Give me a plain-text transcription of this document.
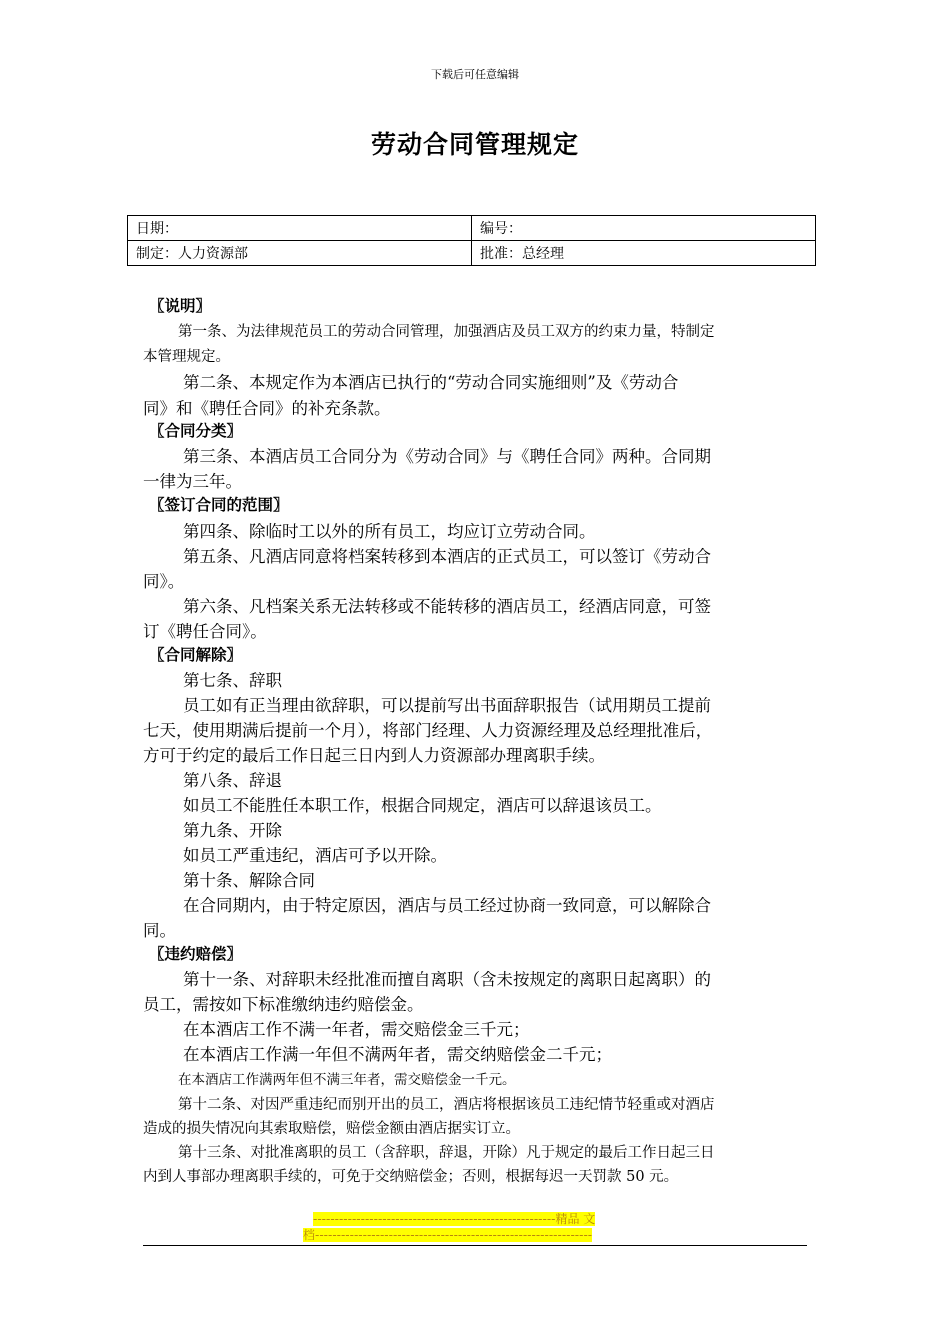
下载后可任意编辑
劳动合同管理规定
日期：	编号：
制定：人力资源部	批准：总经理
〖说明〗
第一条、为法律规范员工的劳动合同管理，加强酒店及员工双方的约束力量，特制定
本管理规定。
第二条、本规定作为本酒店已执行的“劳动合同实施细则”及《劳动合
同》和《聘任合同》的补充条款。
〖合同分类〗
第三条、本酒店员工合同分为《劳动合同》与《聘任合同》两种。合同期
一律为三年。
〖签订合同的范围〗
第四条、除临时工以外的所有员工，均应订立劳动合同。
第五条、凡酒店同意将档案转移到本酒店的正式员工，可以签订《劳动合
同》。
第六条、凡档案关系无法转移或不能转移的酒店员工，经酒店同意，可签
订《聘任合同》。
〖合同解除〗
第七条、辞职
员工如有正当理由欲辞职，可以提前写出书面辞职报告（试用期员工提前
七天，使用期满后提前一个月），将部门经理、人力资源经理及总经理批准后，
方可于约定的最后工作日起三日内到人力资源部办理离职手续。
第八条、辞退
如员工不能胜任本职工作，根据合同规定，酒店可以辞退该员工。
第九条、开除
如员工严重违纪，酒店可予以开除。
第十条、解除合同
在合同期内，由于特定原因，酒店与员工经过协商一致同意，可以解除合
同。
〖违约赔偿〗
第十一条、对辞职未经批准而擅自离职（含未按规定的离职日起离职）的
员工，需按如下标准缴纳违约赔偿金。
在本酒店工作不满一年者，需交赔偿金三千元；
在本酒店工作满一年但不满两年者，需交纳赔偿金二千元；
在本酒店工作满两年但不满三年者，需交赔偿金一千元。
第十二条、对因严重违纪而别开出的员工，酒店将根据该员工违纪情节轻重或对酒店
造成的损失情况向其索取赔偿，赔偿金额由酒店据实订立。
第十三条、对批准离职的员工（含辞职，辞退，开除）凡于规定的最后工作日起三日
内到人事部办理离职手续的，可免于交纳赔偿金；否则，根据每迟一天罚款 50 元。
--------------------------------------------------------精品 文
档----------------------------------------------------------------
